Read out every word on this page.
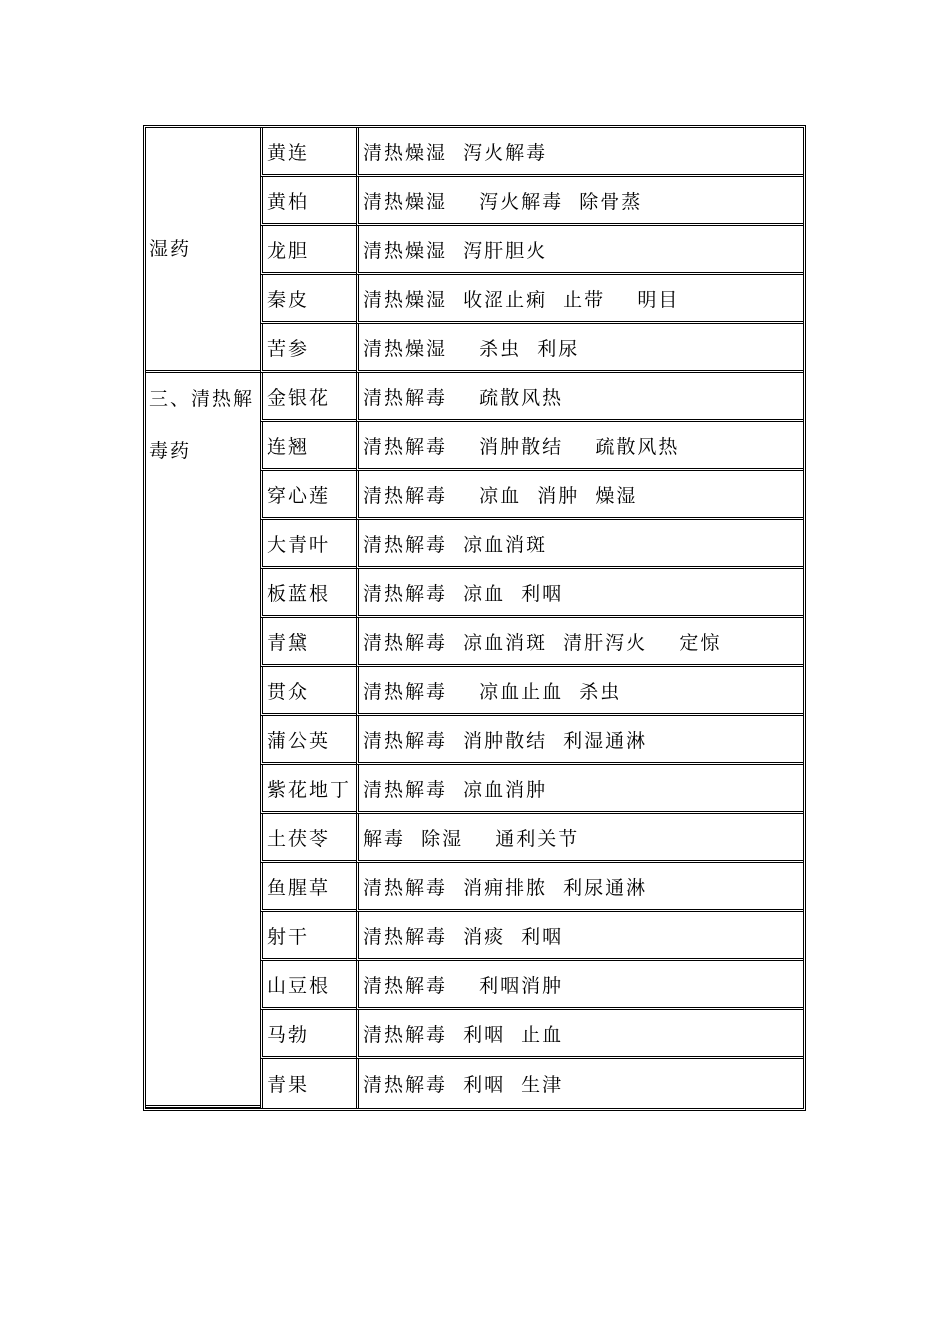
湿药	黄连	清热燥湿  泻火解毒
	黄柏	清热燥湿    泻火解毒  除骨蒸
	龙胆	清热燥湿  泻肝胆火
	秦皮	清热燥湿  收涩止痢  止带    明目
	苦参	清热燥湿    杀虫  利尿
三、清热解毒药	金银花	清热解毒    疏散风热
	连翘	清热解毒    消肿散结    疏散风热
	穿心莲	清热解毒    凉血  消肿  燥湿
	大青叶	清热解毒  凉血消斑
	板蓝根	清热解毒  凉血  利咽
	青黛	清热解毒  凉血消斑  清肝泻火    定惊
	贯众	清热解毒    凉血止血  杀虫
	蒲公英	清热解毒  消肿散结  利湿通淋
	紫花地丁	清热解毒  凉血消肿
	土茯苓	解毒  除湿    通利关节
	鱼腥草	清热解毒  消痈排脓  利尿通淋
	射干	清热解毒  消痰  利咽
	山豆根	清热解毒    利咽消肿
	马勃	清热解毒  利咽  止血
	青果	清热解毒  利咽  生津
